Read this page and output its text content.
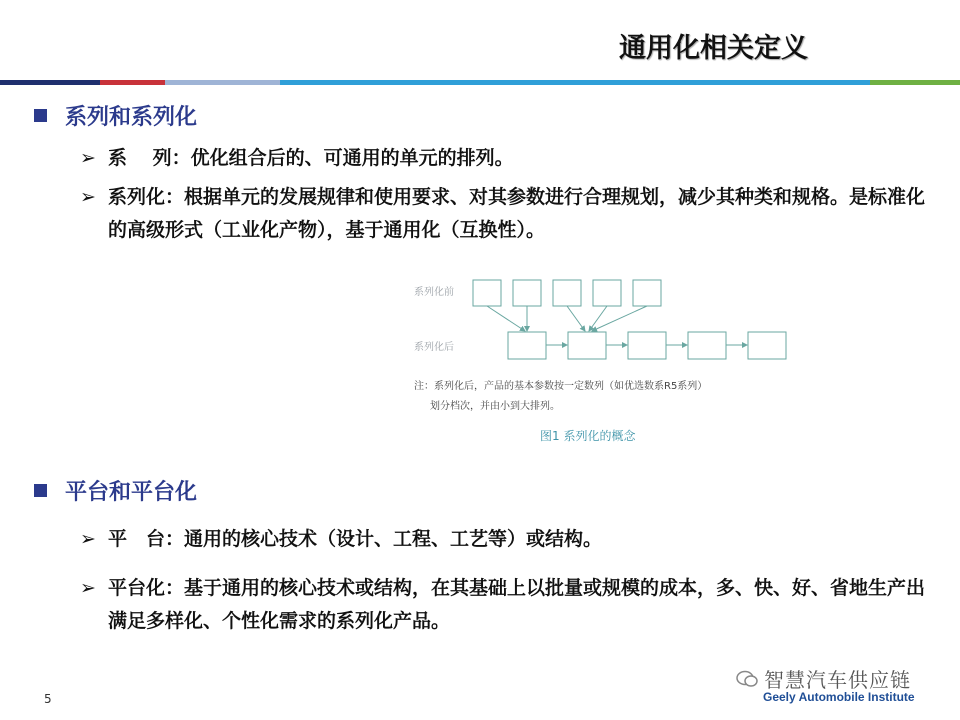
通用化相关定义
系列和系列化
➢ 系　 列：优化组合后的、可通用的单元的排列。
➢ 系列化：根据单元的发展规律和使用要求、对其参数进行合理规划，减少其种类和规格。是标准化的高级形式（工业化产物），基于通用化（互换性）。
系列化前
系列化后
注：系列化后，产品的基本参数按一定数列（如优选数系R5系列）
划分档次，并由小到大排列。
图1 系列化的概念
平台和平台化
➢ 平　台：通用的核心技术（设计、工程、工艺等）或结构。
➢ 平台化：基于通用的核心技术或结构，在其基础上以批量或规模的成本，多、快、好、省地生产出满足多样化、个性化需求的系列化产品。
5
智慧汽车供应链
Geely Automobile Institute
